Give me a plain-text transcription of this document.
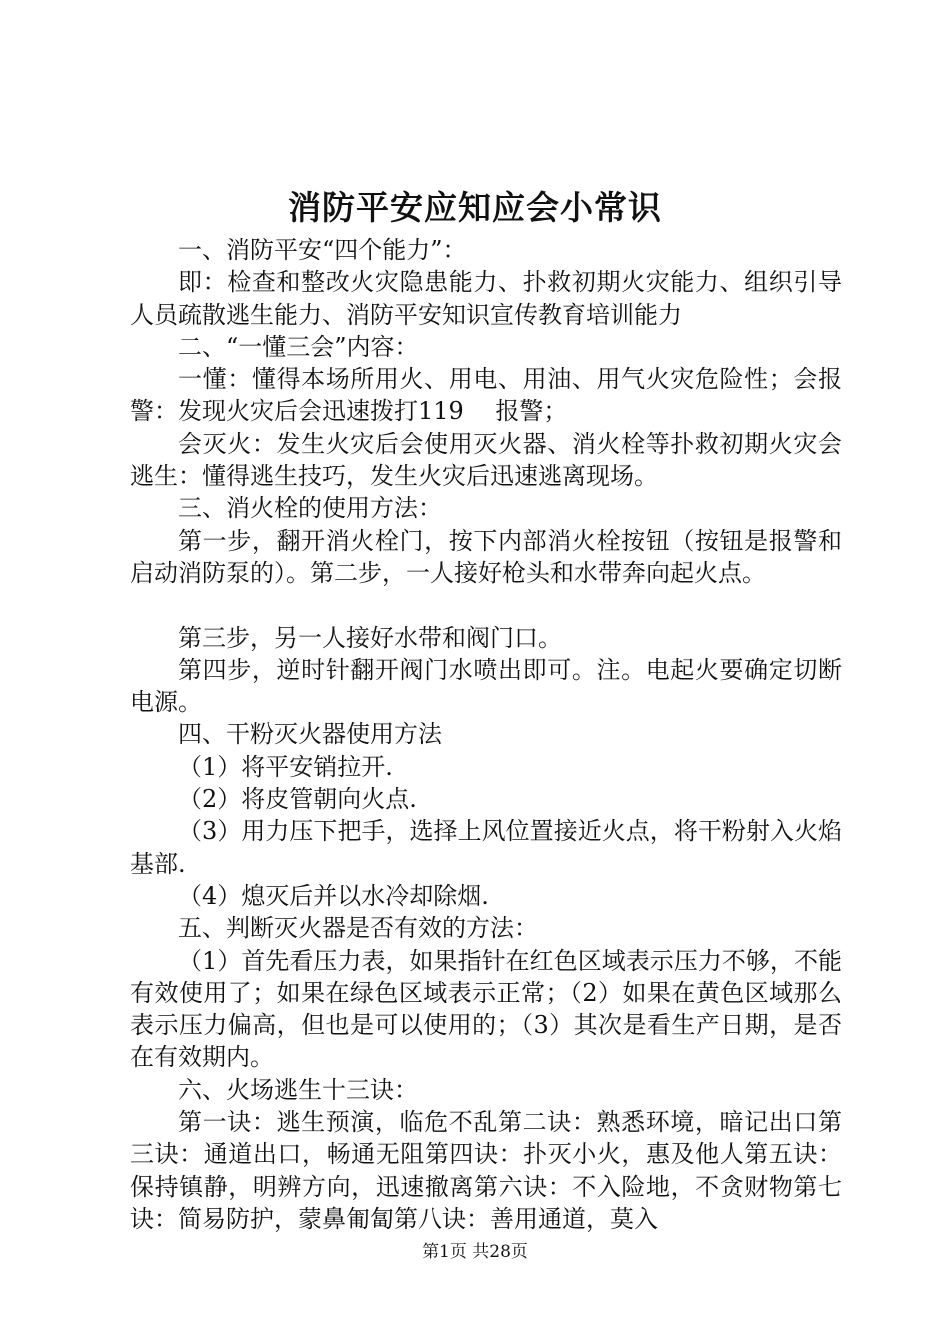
消防平安应知应会小常识

一、消防平安“四个能力”：

即：检查和整改火灾隐患能力、扑救初期火灾能力、组织引导人员疏散逃生能力、消防平安知识宣传教育培训能力

二、“一懂三会”内容：

一懂：懂得本场所用火、用电、用油、用气火灾危险性；会报警：发现火灾后会迅速拨打119　 报警；

会灭火：发生火灾后会使用灭火器、消火栓等扑救初期火灾会逃生：懂得逃生技巧，发生火灾后迅速逃离现场。

三、消火栓的使用方法：

第一步，翻开消火栓门，按下内部消火栓按钮（按钮是报警和启动消防泵的）。第二步，一人接好枪头和水带奔向起火点。

第三步，另一人接好水带和阀门口。

第四步，逆时针翻开阀门水喷出即可。注。电起火要确定切断电源。

四、干粉灭火器使用方法

（1）将平安销拉开.

（2）将皮管朝向火点.

（3）用力压下把手，选择上风位置接近火点，将干粉射入火焰基部.

（4）熄灭后并以水冷却除烟.

五、判断灭火器是否有效的方法：

（1）首先看压力表，如果指针在红色区域表示压力不够，不能有效使用了；如果在绿色区域表示正常；（2）如果在黄色区域那么表示压力偏高，但也是可以使用的；（3）其次是看生产日期，是否在有效期内。

六、火场逃生十三诀：

第一诀：逃生预演，临危不乱第二诀：熟悉环境，暗记出口第三诀：通道出口，畅通无阻第四诀：扑灭小火，惠及他人第五诀：保持镇静，明辨方向，迅速撤离第六诀：不入险地，不贪财物第七诀：简易防护，蒙鼻匍匐第八诀：善用通道，莫入

第1页 共28页
